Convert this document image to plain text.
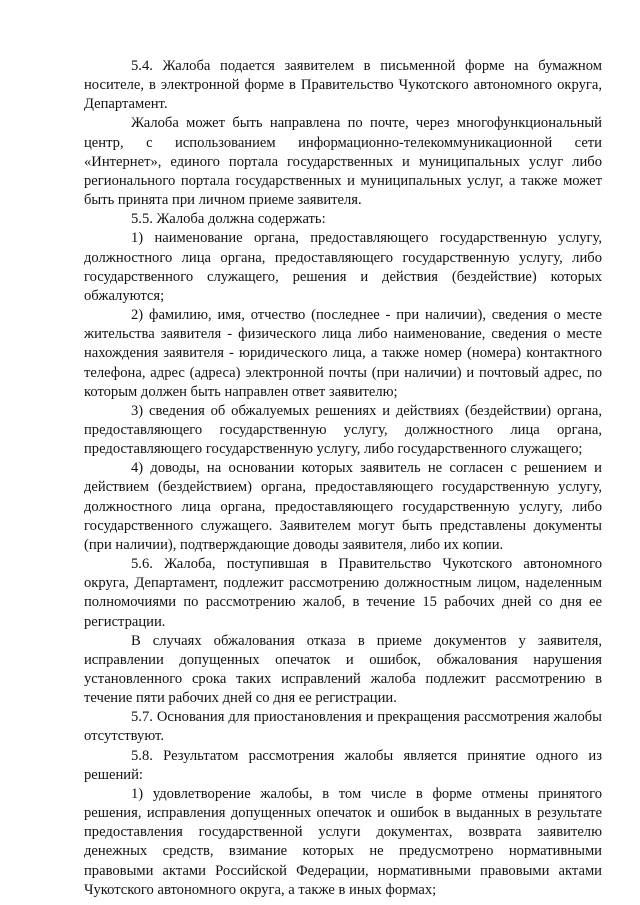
5.4. Жалоба подается заявителем в письменной форме на бумажном носителе, в электронной форме в Правительство Чукотского автономного округа, Департамент.

Жалоба может быть направлена по почте, через многофункциональный центр, с использованием информационно-телекоммуникационной сети «Интернет», единого портала государственных и муниципальных услуг либо регионального портала государственных и муниципальных услуг, а также может быть принята при личном приеме заявителя.

5.5. Жалоба должна содержать:

1) наименование органа, предоставляющего государственную услугу, должностного лица органа, предоставляющего государственную услугу, либо государственного служащего, решения и действия (бездействие) которых обжалуются;

2) фамилию, имя, отчество (последнее - при наличии), сведения о месте жительства заявителя - физического лица либо наименование, сведения о месте нахождения заявителя - юридического лица, а также номер (номера) контактного телефона, адрес (адреса) электронной почты (при наличии) и почтовый адрес, по которым должен быть направлен ответ заявителю;

3) сведения об обжалуемых решениях и действиях (бездействии) органа, предоставляющего государственную услугу, должностного лица органа, предоставляющего государственную услугу, либо государственного служащего;

4) доводы, на основании которых заявитель не согласен с решением и действием (бездействием) органа, предоставляющего государственную услугу, должностного лица органа, предоставляющего государственную услугу, либо государственного служащего. Заявителем могут быть представлены документы (при наличии), подтверждающие доводы заявителя, либо их копии.

5.6. Жалоба, поступившая в Правительство Чукотского автономного округа, Департамент, подлежит рассмотрению должностным лицом, наделенным полномочиями по рассмотрению жалоб, в течение 15 рабочих дней со дня ее регистрации.

В случаях обжалования отказа в приеме документов у заявителя, исправлении допущенных опечаток и ошибок, обжалования нарушения установленного срока таких исправлений жалоба подлежит рассмотрению в течение пяти рабочих дней со дня ее регистрации.

5.7. Основания для приостановления и прекращения рассмотрения жалобы отсутствуют.

5.8. Результатом рассмотрения жалобы является принятие одного из решений:

1) удовлетворение жалобы, в том числе в форме отмены принятого решения, исправления допущенных опечаток и ошибок в выданных в результате предоставления государственной услуги документах, возврата заявителю денежных средств, взимание которых не предусмотрено нормативными правовыми актами Российской Федерации, нормативными правовыми актами Чукотского автономного округа, а также в иных формах;
